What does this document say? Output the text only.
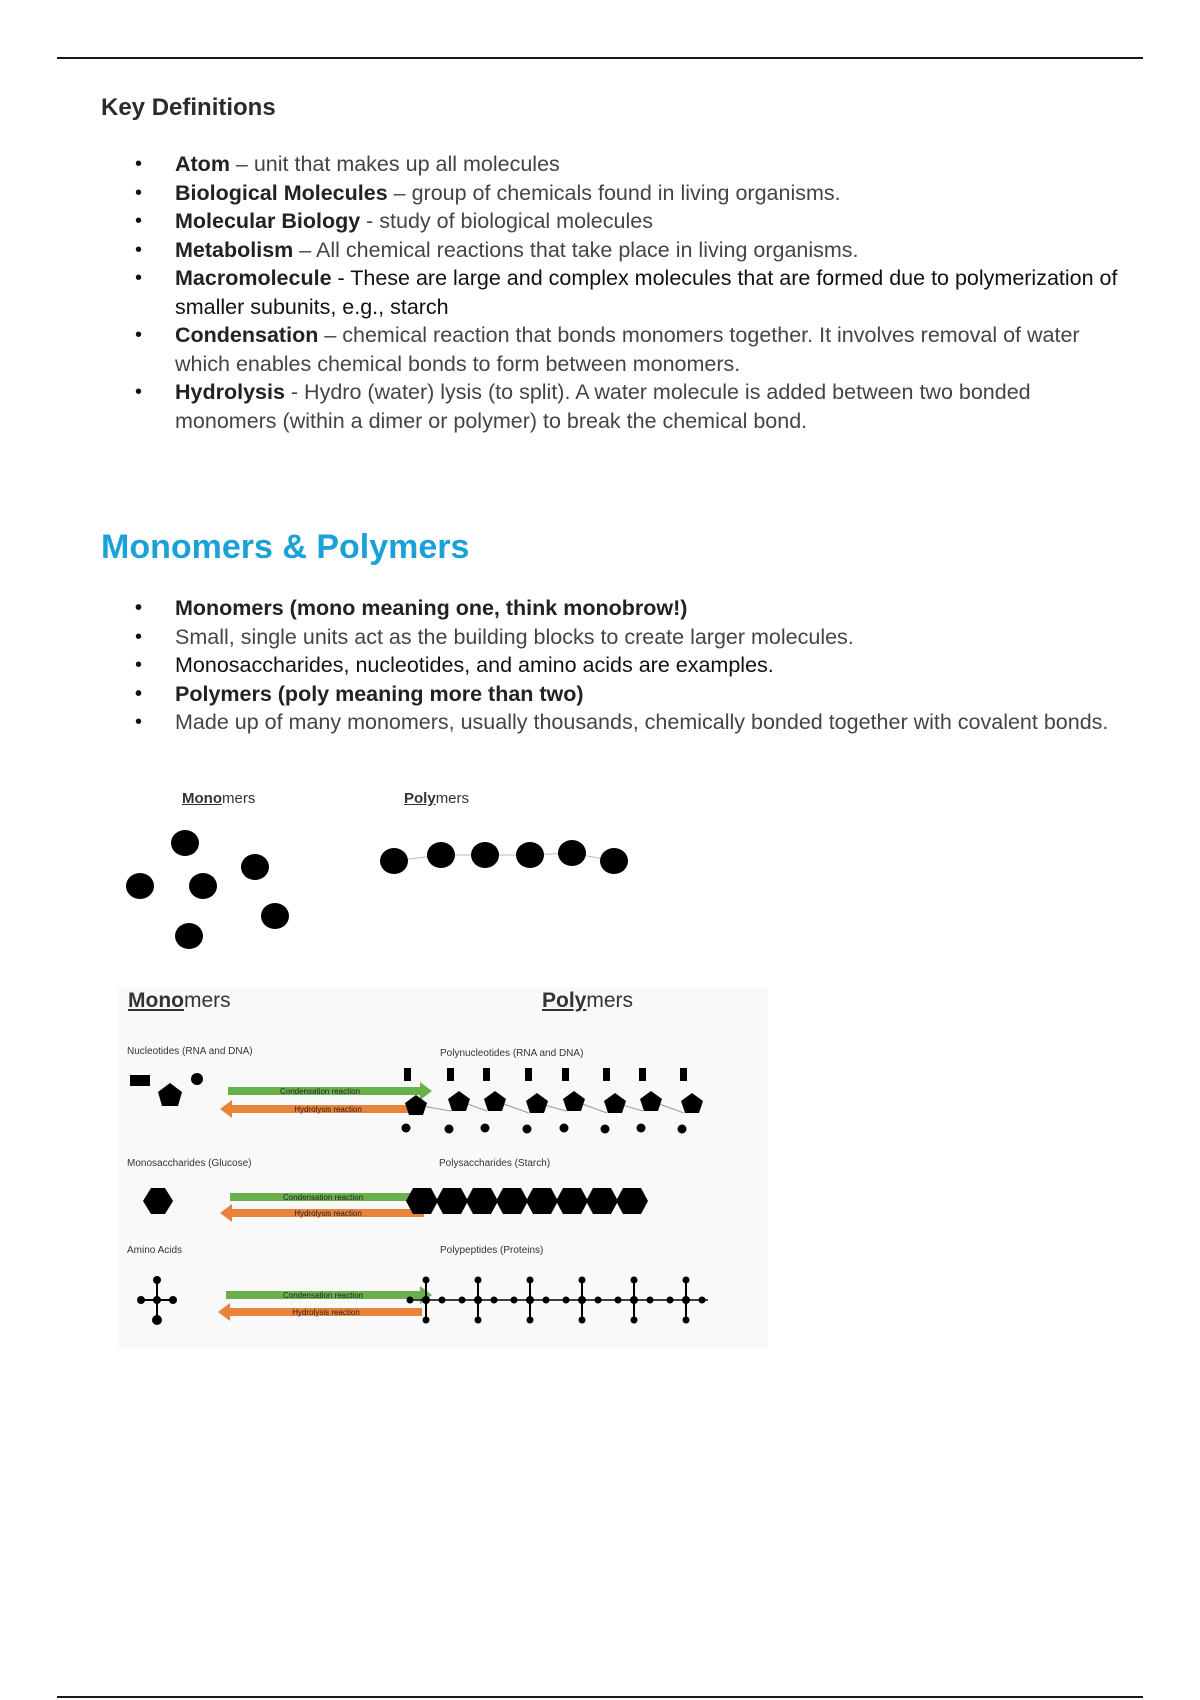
Key Definitions
• Atom – unit that makes up all molecules
• Biological Molecules – group of chemicals found in living organisms.
• Molecular Biology - study of biological molecules
• Metabolism – All chemical reactions that take place in living organisms.
• Macromolecule - These are large and complex molecules that are formed due to polymerization of smaller subunits, e.g., starch
• Condensation – chemical reaction that bonds monomers together. It involves removal of water which enables chemical bonds to form between monomers.
• Hydrolysis - Hydro (water) lysis (to split). A water molecule is added between two bonded monomers (within a dimer or polymer) to break the chemical bond.
Monomers & Polymers
• Monomers (mono meaning one, think monobrow!)
• Small, single units act as the building blocks to create larger molecules.
• Monosaccharides, nucleotides, and amino acids are examples.
• Polymers (poly meaning more than two)
• Made up of many monomers, usually thousands, chemically bonded together with covalent bonds.
Monomers	Polymers
Condensation reaction
Hydrolysis reaction
Condensation reaction
Hydrolysis reaction
Condensation reaction
Hydrolysis reaction
Monomers	Polymers
Nucleotides (RNA and DNA)	Polynucleotides (RNA and DNA)
Monosaccharides (Glucose)	Polysaccharides (Starch)
Amino Acids	Polypeptides (Proteins)
